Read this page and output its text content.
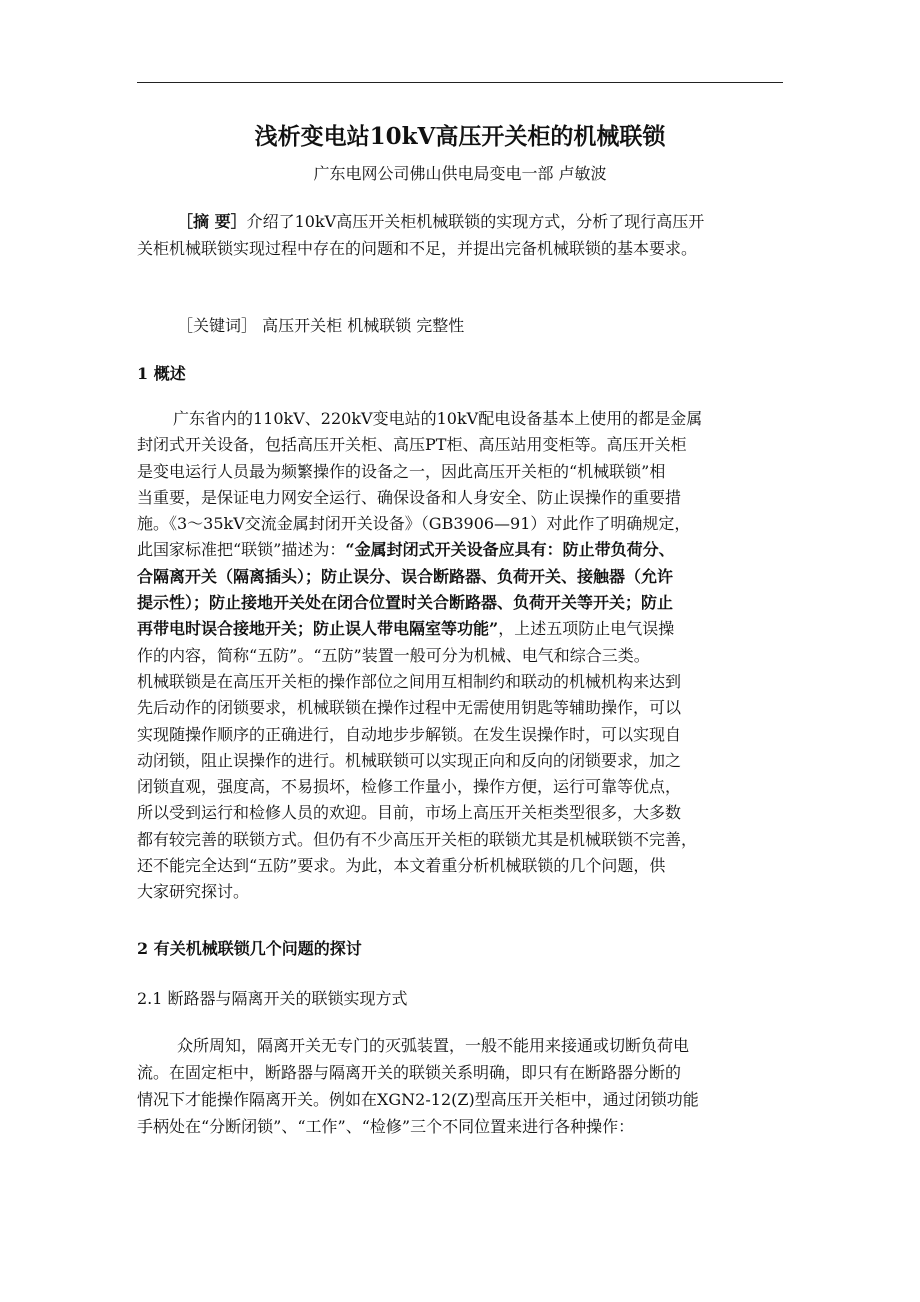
浅析变电站10kV高压开关柜的机械联锁
广东电网公司佛山供电局变电一部 卢敏波

［摘 要］介绍了10kV高压开关柜机械联锁的实现方式，分析了现行高压开
关柜机械联锁实现过程中存在的问题和不足，并提出完备机械联锁的基本要求。

［关键词］ 高压开关柜 机械联锁 完整性

1 概述

广东省内的110kV、220kV变电站的10kV配电设备基本上使用的都是金属
封闭式开关设备，包括高压开关柜、高压PT柜、高压站用变柜等。高压开关柜
是变电运行人员最为频繁操作的设备之一，因此高压开关柜的“机械联锁”相
当重要，是保证电力网安全运行、确保设备和人身安全、防止误操作的重要措
施。《3～35kV交流金属封闭开关设备》（GB3906—91）对此作了明确规定，
此国家标准把“联锁”描述为：“金属封闭式开关设备应具有：防止带负荷分、
合隔离开关（隔离插头）；防止误分、误合断路器、负荷开关、接触器（允许
提示性）；防止接地开关处在闭合位置时关合断路器、负荷开关等开关；防止
再带电时误合接地开关；防止误人带电隔室等功能”，上述五项防止电气误操
作的内容，简称“五防”。“五防”装置一般可分为机械、电气和综合三类。
机械联锁是在高压开关柜的操作部位之间用互相制约和联动的机械机构来达到
先后动作的闭锁要求，机械联锁在操作过程中无需使用钥匙等辅助操作，可以
实现随操作顺序的正确进行，自动地步步解锁。在发生误操作时，可以实现自
动闭锁，阻止误操作的进行。机械联锁可以实现正向和反向的闭锁要求，加之
闭锁直观，强度高，不易损坏，检修工作量小，操作方便，运行可靠等优点，
所以受到运行和检修人员的欢迎。目前，市场上高压开关柜类型很多，大多数
都有较完善的联锁方式。但仍有不少高压开关柜的联锁尤其是机械联锁不完善，
还不能完全达到“五防”要求。为此，本文着重分析机械联锁的几个问题，供
大家研究探讨。

2 有关机械联锁几个问题的探讨
2.1 断路器与隔离开关的联锁实现方式

众所周知，隔离开关无专门的灭弧装置，一般不能用来接通或切断负荷电
流。在固定柜中，断路器与隔离开关的联锁关系明确，即只有在断路器分断的
情况下才能操作隔离开关。例如在XGN2-12(Z)型高压开关柜中，通过闭锁功能
手柄处在“分断闭锁”、“工作”、“检修”三个不同位置来进行各种操作：
